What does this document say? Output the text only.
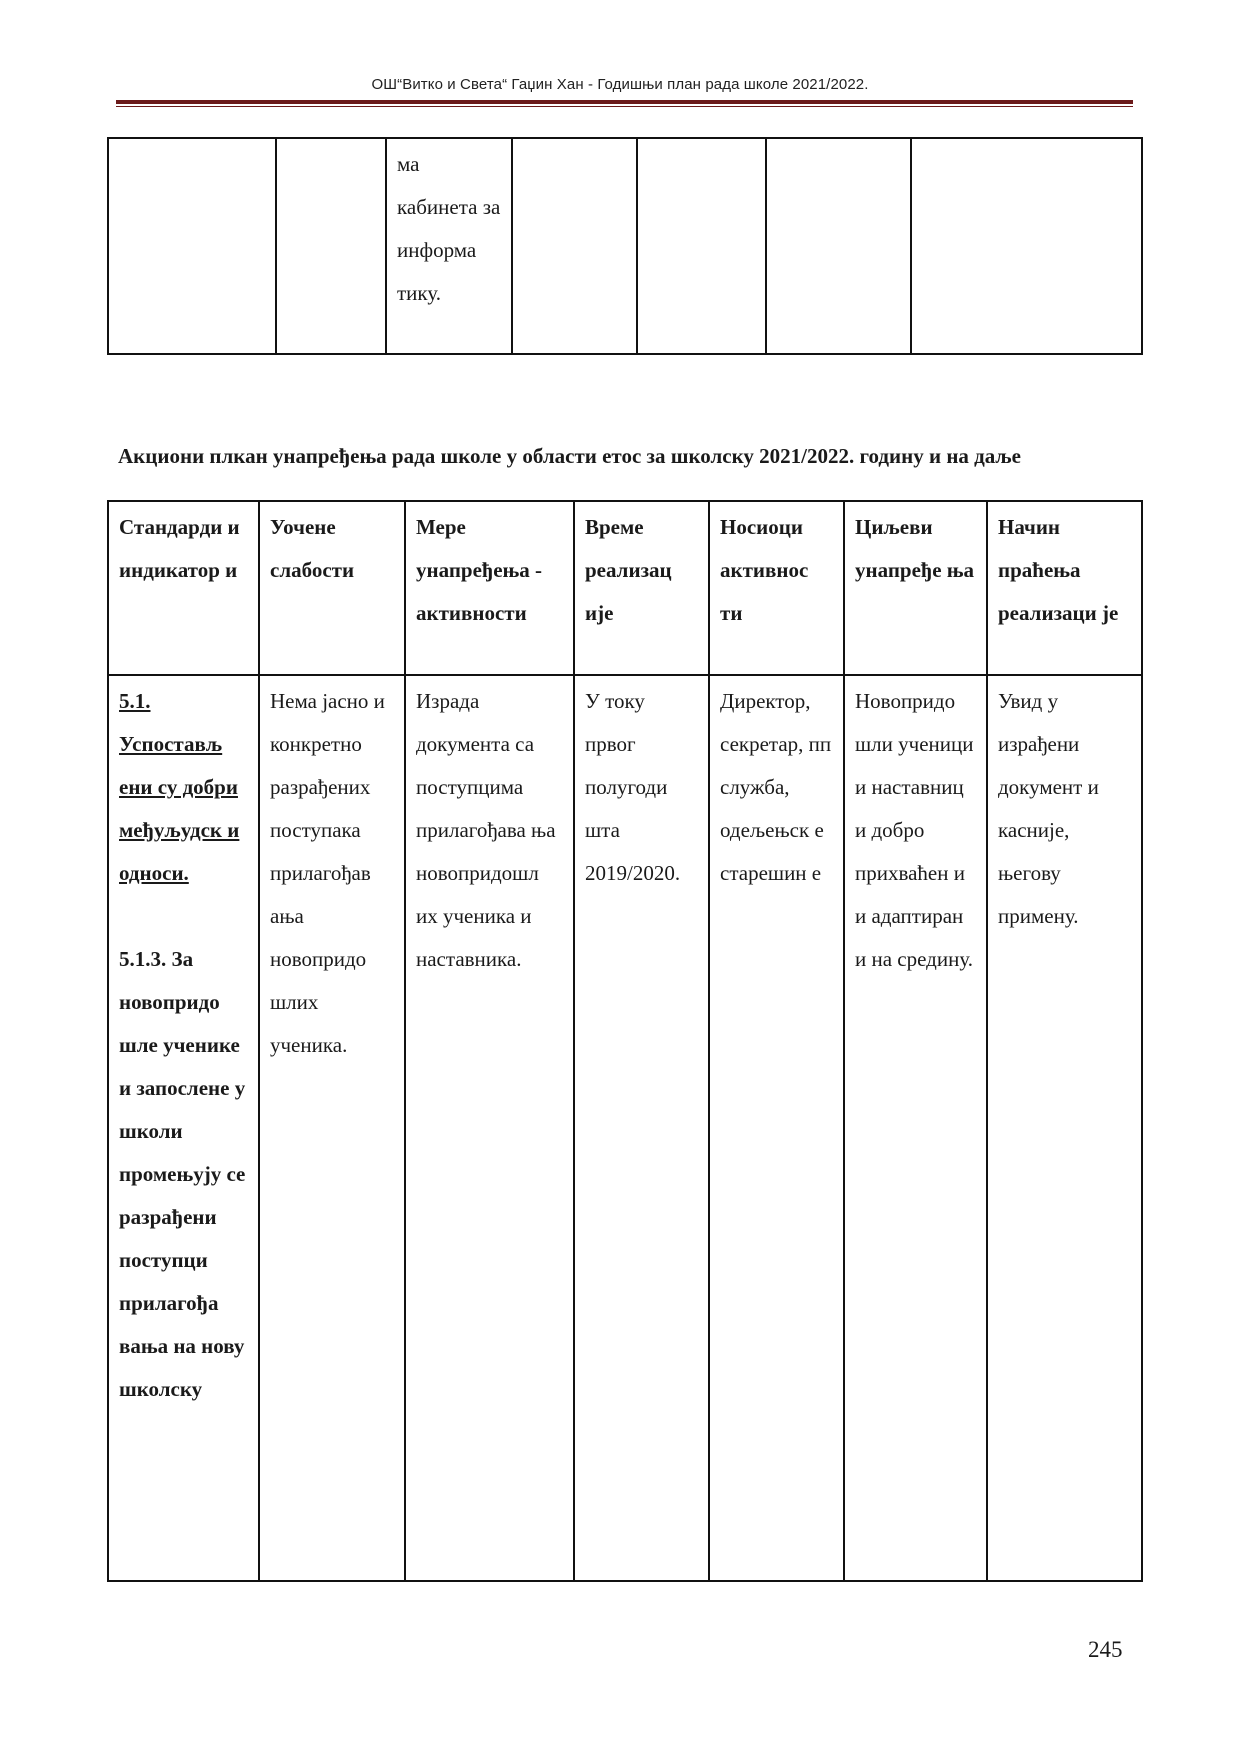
ОШ“Витко и Света“ Гаџин Хан - Годишњи план рада школе 2021/2022.
		ма кабинета за информа тику.				
Акциони плкан унапређења рада школе у области етос за школску 2021/2022. годину и на даље
Стандарди и индикатор и	Уочене слабости	Мере унапређења - активности	Време реализац ије	Носиоци активнос ти	Циљеви унапређе ња	Начин праћења реализаци је

5.1. Успостављ ени су добри међуљудск и односи.
5.1.3. За новопридо шле ученике и запослене у школи промењују се разрађени поступци прилагођа вања на нову школску	Нема јасно и конкретно разрађених поступака прилагођав ања новопридо шлих ученика.	Израда документа са поступцима прилагођава ња новопридошл их ученика и наставника.	У току првог полугоди шта 2019/2020.	Директор, секретар, пп служба, одељењск е старешин е	Новопридо шли ученици и наставниц и добро прихваћен и и адаптиран и на средину.	Увид у израђени документ и касније, његову примену.
245
